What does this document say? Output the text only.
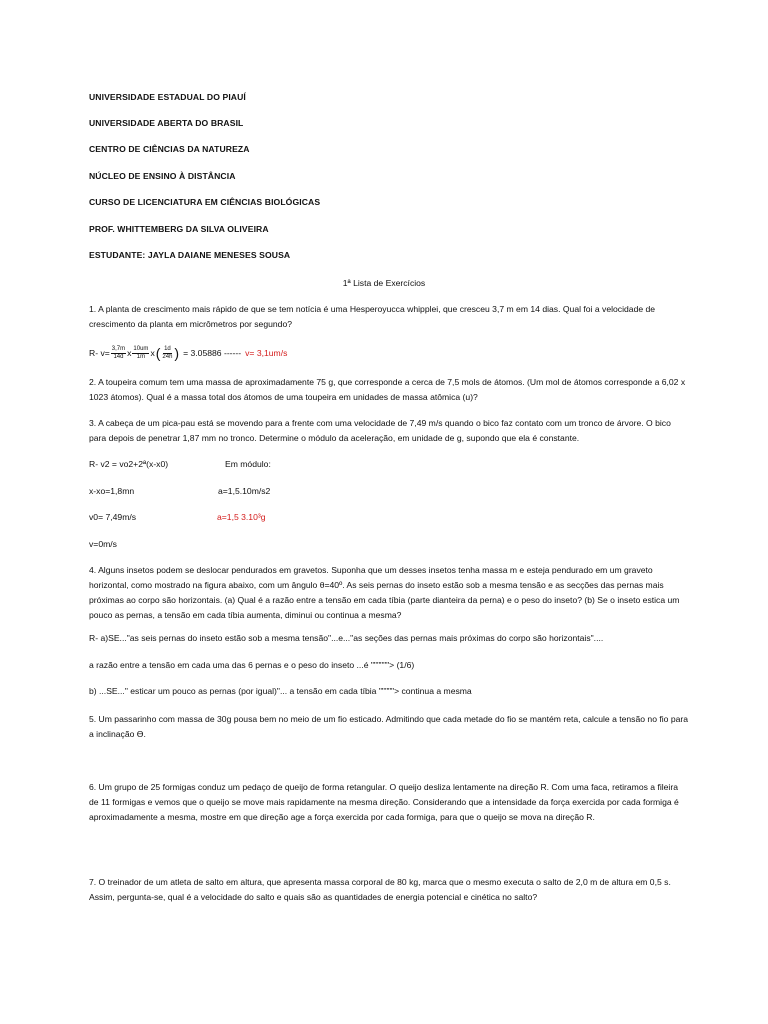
UNIVERSIDADE ESTADUAL DO PIAUÍ
UNIVERSIDADE ABERTA DO BRASIL
CENTRO DE CIÊNCIAS DA NATUREZA
NÚCLEO DE ENSINO À DISTÂNCIA
CURSO DE LICENCIATURA EM CIÊNCIAS BIOLÓGICAS
PROF. WHITTEMBERG DA SILVA OLIVEIRA
ESTUDANTE: JAYLA DAIANE MENESES SOUSA
1ª Lista de Exercícios
1. A planta de crescimento mais rápido de que se tem notícia é uma Hesperoyucca whipplei, que cresceu 3,7 m em 14 dias. Qual foi a velocidade de crescimento da planta em micrômetros por segundo?
R- $v= \frac{3,7m}{14d}$ x $\frac{10um}{1m}$ x ( $\frac{1d}{24h}$ ) = 3.05886 ------ v= 3,1um/s
2. A toupeira comum tem uma massa de aproximadamente 75 g, que corresponde a cerca de 7,5 mols de átomos. (Um mol de átomos corresponde a 6,02 x 1023 átomos). Qual é a massa total dos átomos de uma toupeira em unidades de massa atômica (u)?
3. A cabeça de um pica-pau está se movendo para a frente com uma velocidade de 7,49 m/s quando o bico faz contato com um tronco de árvore. O bico para depois de penetrar 1,87 mm no tronco. Determine o módulo da aceleração, em unidade de g, supondo que ela é constante.
R- v2 = vo2+2ª(x-x0)	Em módulo:
x-xo=1,8mn	a=1,5.10m/s2
v0= 7,49m/s	a=1,5 3.10³g
v=0m/s
4. Alguns insetos podem se deslocar pendurados em gravetos. Suponha que um desses insetos tenha massa m e esteja pendurado em um graveto horizontal, como mostrado na figura abaixo, com um ângulo θ=40º. As seis pernas do inseto estão sob a mesma tensão e as secções das pernas mais próximas ao corpo são horizontais. (a) Qual é a razão entre a tensão em cada tíbia (parte dianteira da perna) e o peso do inseto? (b) Se o inseto estica um pouco as pernas, a tensão em cada tíbia aumenta, diminui ou continua a mesma?
R- a)SE..."as seis pernas do inseto estão sob a mesma tensão"...e..."as seções das pernas mais próximas do corpo são horizontais"....
a razão entre a tensão em cada uma das 6 pernas e o peso do inseto ...é """"""> (1/6)
b) ...SE..." esticar um pouco as pernas (por igual)"... a tensão em cada tíbia """""> continua a mesma
5. Um passarinho com massa de 30g pousa bem no meio de um fio esticado. Admitindo que cada metade do fio se mantém reta, calcule a tensão no fio para a inclinação Ɵ.
6. Um grupo de 25 formigas conduz um pedaço de queijo de forma retangular. O queijo desliza lentamente na direção R. Com uma faca, retiramos a fileira de 11 formigas e vemos que o queijo se move mais rapidamente na mesma direção. Considerando que a intensidade da força exercida por cada formiga é aproximadamente a mesma, mostre em que direção age a força exercida por cada formiga, para que o queijo se mova na direção R.
7. O treinador de um atleta de salto em altura, que apresenta massa corporal de 80 kg, marca que o mesmo executa o salto de 2,0 m de altura em 0,5 s. Assim, pergunta-se, qual é a velocidade do salto e quais são as quantidades de energia potencial e cinética no salto?
